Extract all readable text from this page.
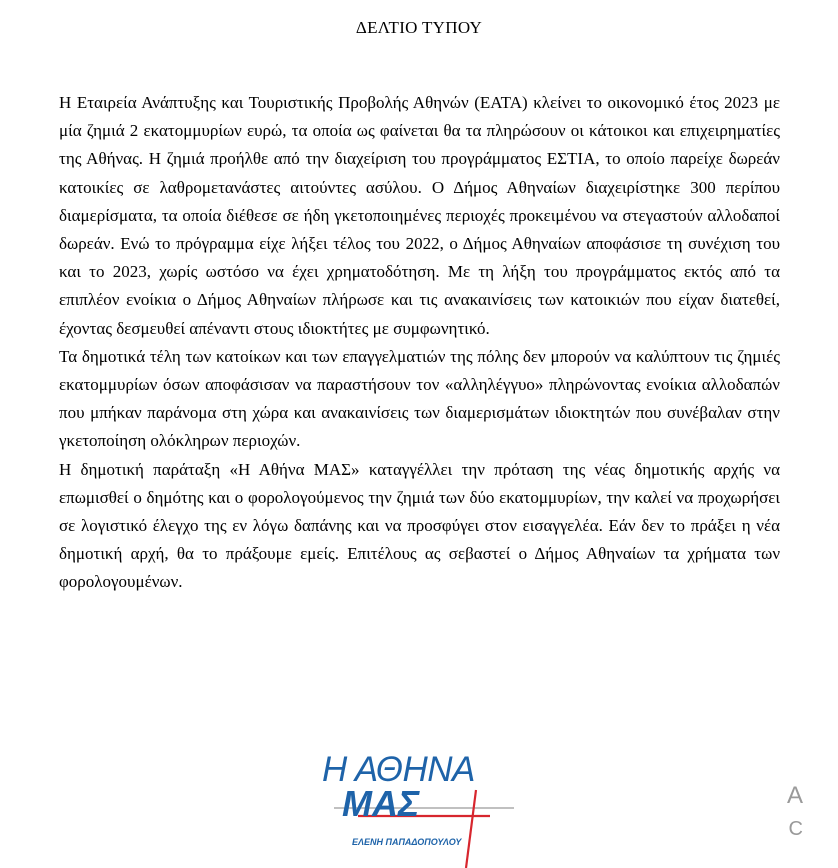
ΔΕΛΤΙΟ ΤΥΠΟΥ

Η Εταιρεία Ανάπτυξης και Τουριστικής Προβολής Αθηνών (ΕΑΤΑ) κλείνει το οικονομικό έτος 2023 με μία ζημιά 2 εκατομμυρίων ευρώ, τα οποία ως φαίνεται θα τα πληρώσουν οι κάτοικοι και επιχειρηματίες της Αθήνας. Η ζημιά προήλθε από την διαχείριση του προγράμματος ΕΣΤΙΑ, το οποίο παρείχε δωρεάν κατοικίες σε λαθρομετανάστες αιτούντες ασύλου. Ο Δήμος Αθηναίων διαχειρίστηκε 300 περίπου διαμερίσματα, τα οποία διέθεσε σε ήδη γκετοποιημένες περιοχές προκειμένου να στεγαστούν αλλοδαποί δωρεάν. Ενώ το πρόγραμμα είχε λήξει τέλος του 2022, ο Δήμος Αθηναίων αποφάσισε τη συνέχιση του και το 2023, χωρίς ωστόσο να έχει χρηματοδότηση. Με τη λήξη του προγράμματος εκτός από τα επιπλέον ενοίκια ο Δήμος Αθηναίων πλήρωσε και τις ανακαινίσεις των κατοικιών που είχαν διατεθεί, έχοντας δεσμευθεί απέναντι στους ιδιοκτήτες με συμφωνητικό.

Τα δημοτικά τέλη των κατοίκων και των επαγγελματιών της πόλης δεν μπορούν να καλύπτουν τις ζημιές εκατομμυρίων όσων αποφάσισαν να παραστήσουν τον «αλληλέγγυο» πληρώνοντας ενοίκια αλλοδαπών που μπήκαν παράνομα στη χώρα και ανακαινίσεις των διαμερισμάτων ιδιοκτητών που συνέβαλαν στην γκετοποίηση ολόκληρων περιοχών.

Η δημοτική παράταξη «Η Αθήνα ΜΑΣ» καταγγέλλει την πρόταση της νέας δημοτικής αρχής να επωμισθεί ο δημότης και ο φορολογούμενος την ζημιά των δύο εκατομμυρίων, την καλεί να προχωρήσει σε λογιστικό έλεγχο της εν λόγω δαπάνης και να προσφύγει στον εισαγγελέα. Εάν δεν το πράξει η νέα δημοτική αρχή, θα το πράξουμε εμείς. Επιτέλους ας σεβαστεί ο Δήμος Αθηναίων τα χρήματα των φορολογουμένων.

Η ΑΘΗΝΑ
ΜΑΣ
ΕΛΕΝΗ ΠΑΠΑΔΟΠΟΥΛΟΥ
A
C
